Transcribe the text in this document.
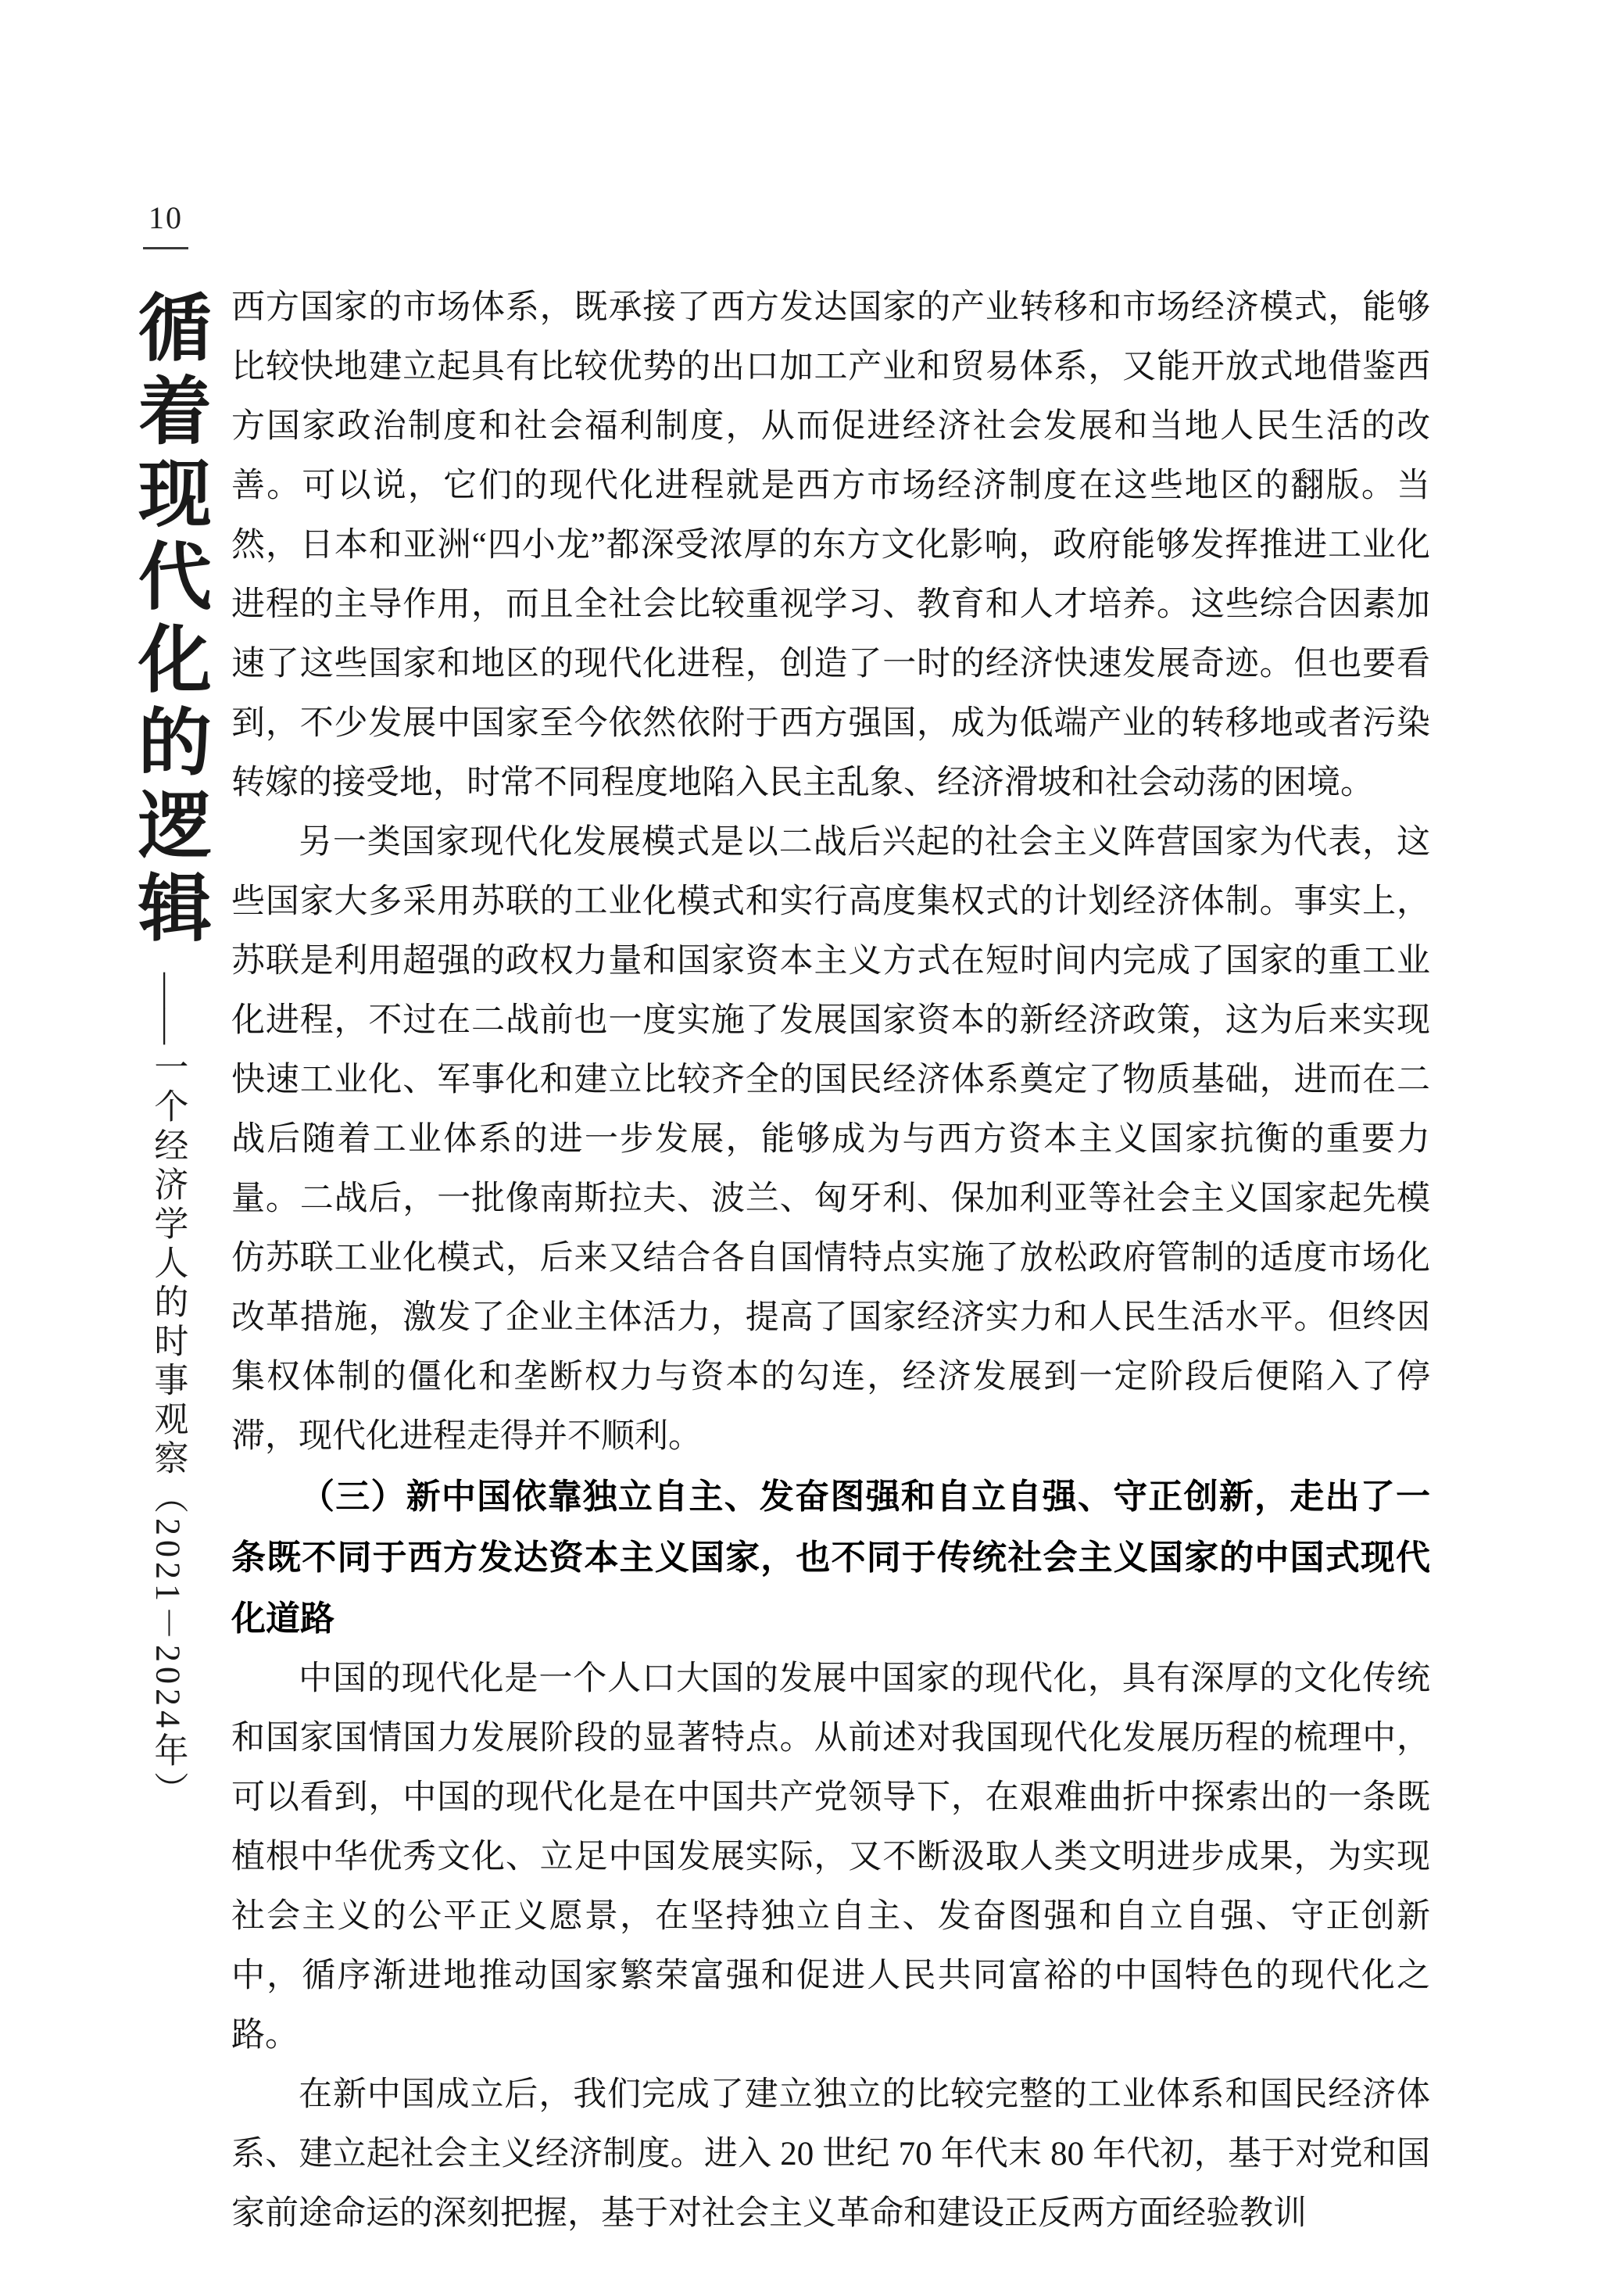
10
循着现代化的逻辑——一个经济学人的时事观察（2021－2024年）

西方国家的市场体系，既承接了西方发达国家的产业转移和市场经济模式，能够比较快地建立起具有比较优势的出口加工产业和贸易体系，又能开放式地借鉴西方国家政治制度和社会福利制度，从而促进经济社会发展和当地人民生活的改善。可以说，它们的现代化进程就是西方市场经济制度在这些地区的翻版。当然，日本和亚洲“四小龙”都深受浓厚的东方文化影响，政府能够发挥推进工业化进程的主导作用，而且全社会比较重视学习、教育和人才培养。这些综合因素加速了这些国家和地区的现代化进程，创造了一时的经济快速发展奇迹。但也要看到，不少发展中国家至今依然依附于西方强国，成为低端产业的转移地或者污染转嫁的接受地，时常不同程度地陷入民主乱象、经济滑坡和社会动荡的困境。

另一类国家现代化发展模式是以二战后兴起的社会主义阵营国家为代表，这些国家大多采用苏联的工业化模式和实行高度集权式的计划经济体制。事实上，苏联是利用超强的政权力量和国家资本主义方式在短时间内完成了国家的重工业化进程，不过在二战前也一度实施了发展国家资本的新经济政策，这为后来实现快速工业化、军事化和建立比较齐全的国民经济体系奠定了物质基础，进而在二战后随着工业体系的进一步发展，能够成为与西方资本主义国家抗衡的重要力量。二战后，一批像南斯拉夫、波兰、匈牙利、保加利亚等社会主义国家起先模仿苏联工业化模式，后来又结合各自国情特点实施了放松政府管制的适度市场化改革措施，激发了企业主体活力，提高了国家经济实力和人民生活水平。但终因集权体制的僵化和垄断权力与资本的勾连，经济发展到一定阶段后便陷入了停滞，现代化进程走得并不顺利。

（三）新中国依靠独立自主、发奋图强和自立自强、守正创新，走出了一条既不同于西方发达资本主义国家，也不同于传统社会主义国家的中国式现代化道路

中国的现代化是一个人口大国的发展中国家的现代化，具有深厚的文化传统和国家国情国力发展阶段的显著特点。从前述对我国现代化发展历程的梳理中，可以看到，中国的现代化是在中国共产党领导下，在艰难曲折中探索出的一条既植根中华优秀文化、立足中国发展实际，又不断汲取人类文明进步成果，为实现社会主义的公平正义愿景，在坚持独立自主、发奋图强和自立自强、守正创新中，循序渐进地推动国家繁荣富强和促进人民共同富裕的中国特色的现代化之路。

在新中国成立后，我们完成了建立独立的比较完整的工业体系和国民经济体系、建立起社会主义经济制度。进入 20 世纪 70 年代末 80 年代初，基于对党和国家前途命运的深刻把握，基于对社会主义革命和建设正反两方面经验教训
